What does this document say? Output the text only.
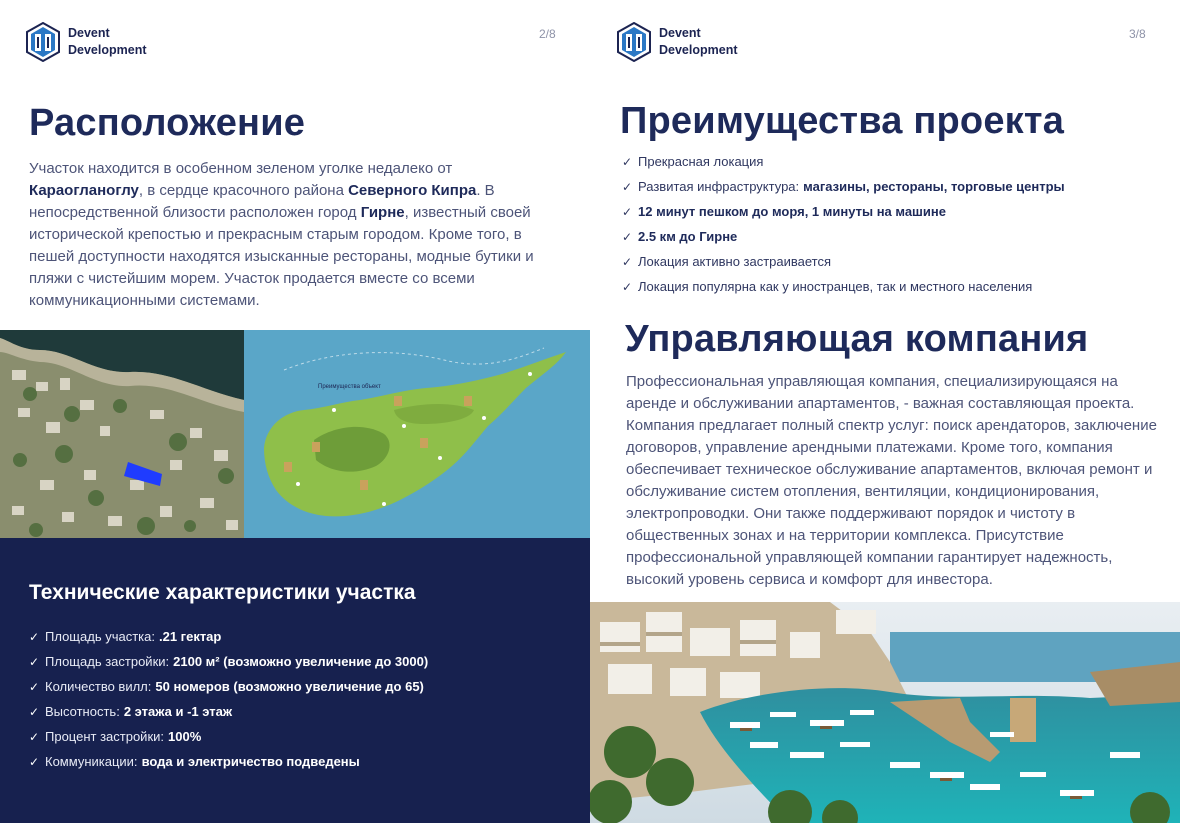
Devent
Development
2/8
Расположение

Участок находится в особенном зеленом уголке недалеко от Караогланоглу, в сердце красочного района Северного Кипра. В непосредственной близости расположен город Гирне, известный своей исторической крепостью и прекрасным старым городом. Кроме того, в пешей доступности находятся изысканные рестораны, модные бутики и пляжи с чистейшим морем. Участок продается вместе со всеми коммуникационными системами.

Преимущества объект
Технические характеристики участка
✓ Площадь участка: .21 гектар
✓ Площадь застройки: 2100 м² (возможно увеличение до 3000)
✓ Количество вилл: 50 номеров (возможно увеличение до 65)
✓ Высотность: 2 этажа и -1 этаж
✓ Процент застройки: 100%
✓ Коммуникации: вода и электричество подведены
Devent
Development
3/8
Преимущества проекта
✓ Прекрасная локация
✓ Развитая инфраструктура: магазины, рестораны, торговые центры
✓ 12 минут пешком до моря, 1 минуты на машине
✓ 2.5 км до Гирне
✓ Локация активно застраивается
✓ Локация популярна как у иностранцев, так и местного населения
Управляющая компания

Профессиональная управляющая компания, специализирующаяся на аренде и обслуживании апартаментов, - важная составляющая проекта. Компания предлагает полный спектр услуг: поиск арендаторов, заключение договоров, управление арендными платежами. Кроме того, компания обеспечивает техническое обслуживание апартаментов, включая ремонт и обслуживание систем отопления, вентиляции, кондиционирования, электропроводки. Они также поддерживают порядок и чистоту в общественных зонах и на территории комплекса. Присутствие профессиональной управляющей компании гарантирует надежность, высокий уровень сервиса и комфорт для инвестора.
